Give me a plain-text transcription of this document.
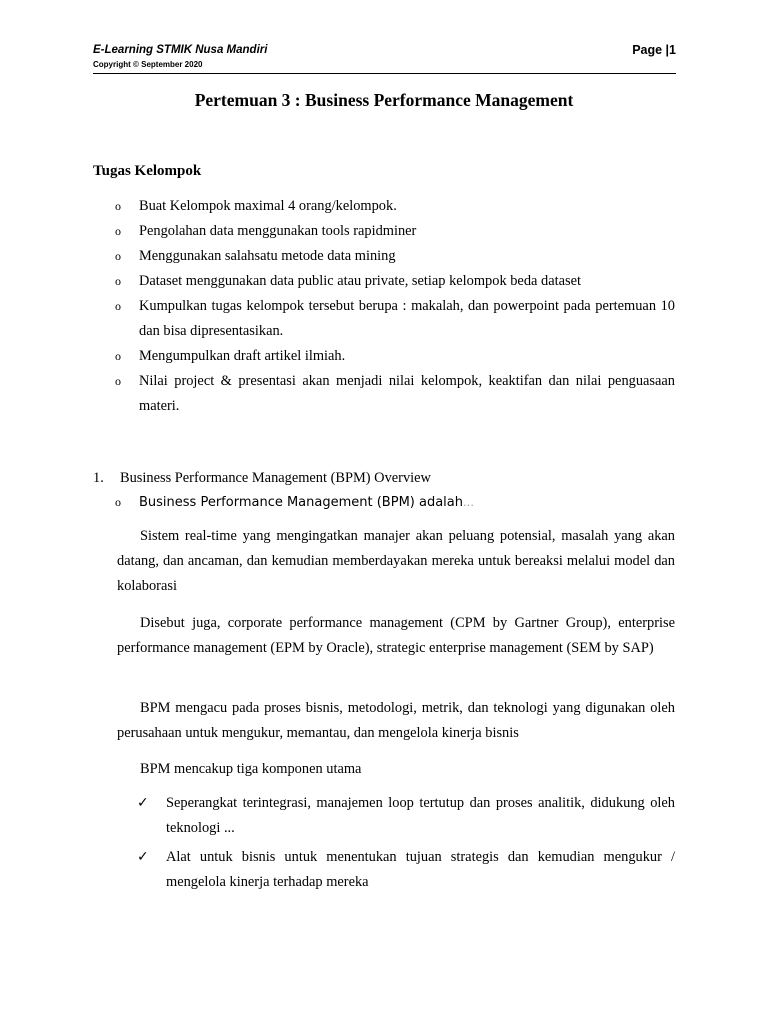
E-Learning STMIK Nusa Mandiri
Copyright © September 2020
Page |1
Pertemuan 3 : Business Performance Management
Tugas Kelompok
o Buat Kelompok maximal 4 orang/kelompok.
o Pengolahan data menggunakan tools rapidminer
o Menggunakan salahsatu metode data mining
o Dataset menggunakan data public atau private, setiap kelompok beda dataset
o Kumpulkan tugas kelompok tersebut berupa : makalah, dan powerpoint pada pertemuan 10 dan bisa dipresentasikan.
o Mengumpulkan draft artikel ilmiah.
o Nilai project & presentasi akan menjadi nilai kelompok, keaktifan dan nilai penguasaan materi.
1. Business Performance Management (BPM) Overview
o Business Performance Management (BPM) adalah…

Sistem real-time yang mengingatkan manajer akan peluang potensial, masalah yang akan datang, dan ancaman, dan kemudian memberdayakan mereka untuk bereaksi melalui model dan kolaborasi

Disebut juga, corporate performance management (CPM by Gartner Group), enterprise performance management (EPM by Oracle), strategic enterprise management (SEM by SAP)

BPM mengacu pada proses bisnis, metodologi, metrik, dan teknologi yang digunakan oleh perusahaan untuk mengukur, memantau, dan mengelola kinerja bisnis

BPM mencakup tiga komponen utama

✓ Seperangkat terintegrasi, manajemen loop tertutup dan proses analitik, didukung oleh teknologi ...
✓ Alat untuk bisnis untuk menentukan tujuan strategis dan kemudian mengukur / mengelola kinerja terhadap mereka
